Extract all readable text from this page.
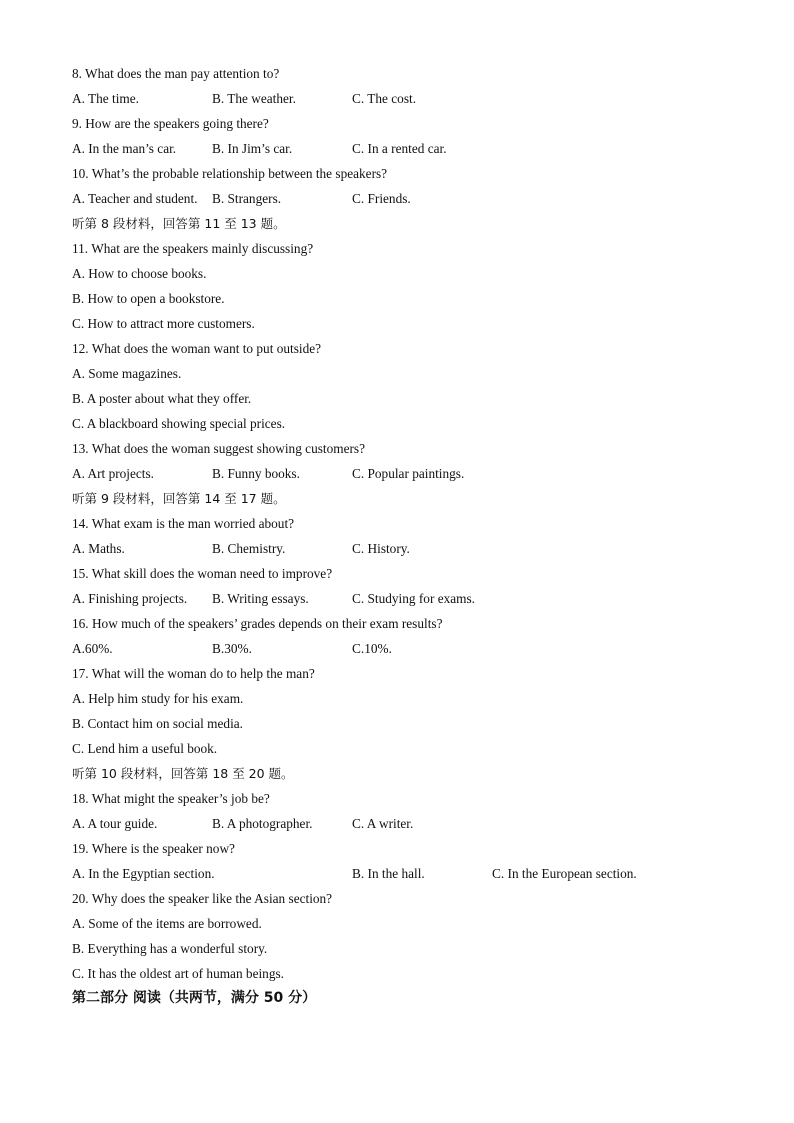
8. What does the man pay attention to?
A. The time.	B. The weather.	C. The cost.
9. How are the speakers going there?
A. In the man’s car.	B. In Jim’s car.	C. In a rented car.
10. What’s the probable relationship between the speakers?
A. Teacher and student. B. Strangers.	C. Friends.
听第 8 段材料，回答第 11 至 13 题。
11. What are the speakers mainly discussing?
A. How to choose books.
B. How to open a bookstore.
C. How to attract more customers.
12. What does the woman want to put outside?
A. Some magazines.
B. A poster about what they offer.
C. A blackboard showing special prices.
13. What does the woman suggest showing customers?
A. Art projects.	B. Funny books.	C. Popular paintings.
听第 9 段材料，回答第 14 至 17 题。
14. What exam is the man worried about?
A. Maths.	B. Chemistry.	C. History.
15. What skill does the woman need to improve?
A. Finishing projects. B. Writing essays.	C. Studying for exams.
16. How much of the speakers’ grades depends on their exam results?
A.60%.	B.30%.	C.10%.
17. What will the woman do to help the man?
A. Help him study for his exam.
B. Contact him on social media.
C. Lend him a useful book.
听第 10 段材料，回答第 18 至 20 题。
18. What might the speaker’s job be?
A. A tour guide.	B. A photographer.	C. A writer.
19. Where is the speaker now?
A. In the Egyptian section.	B. In the hall.	C. In the European section.
20. Why does the speaker like the Asian section?
A. Some of the items are borrowed.
B. Everything has a wonderful story.
C. It has the oldest art of human beings.
第二部分 阅读（共两节，满分 50 分）
